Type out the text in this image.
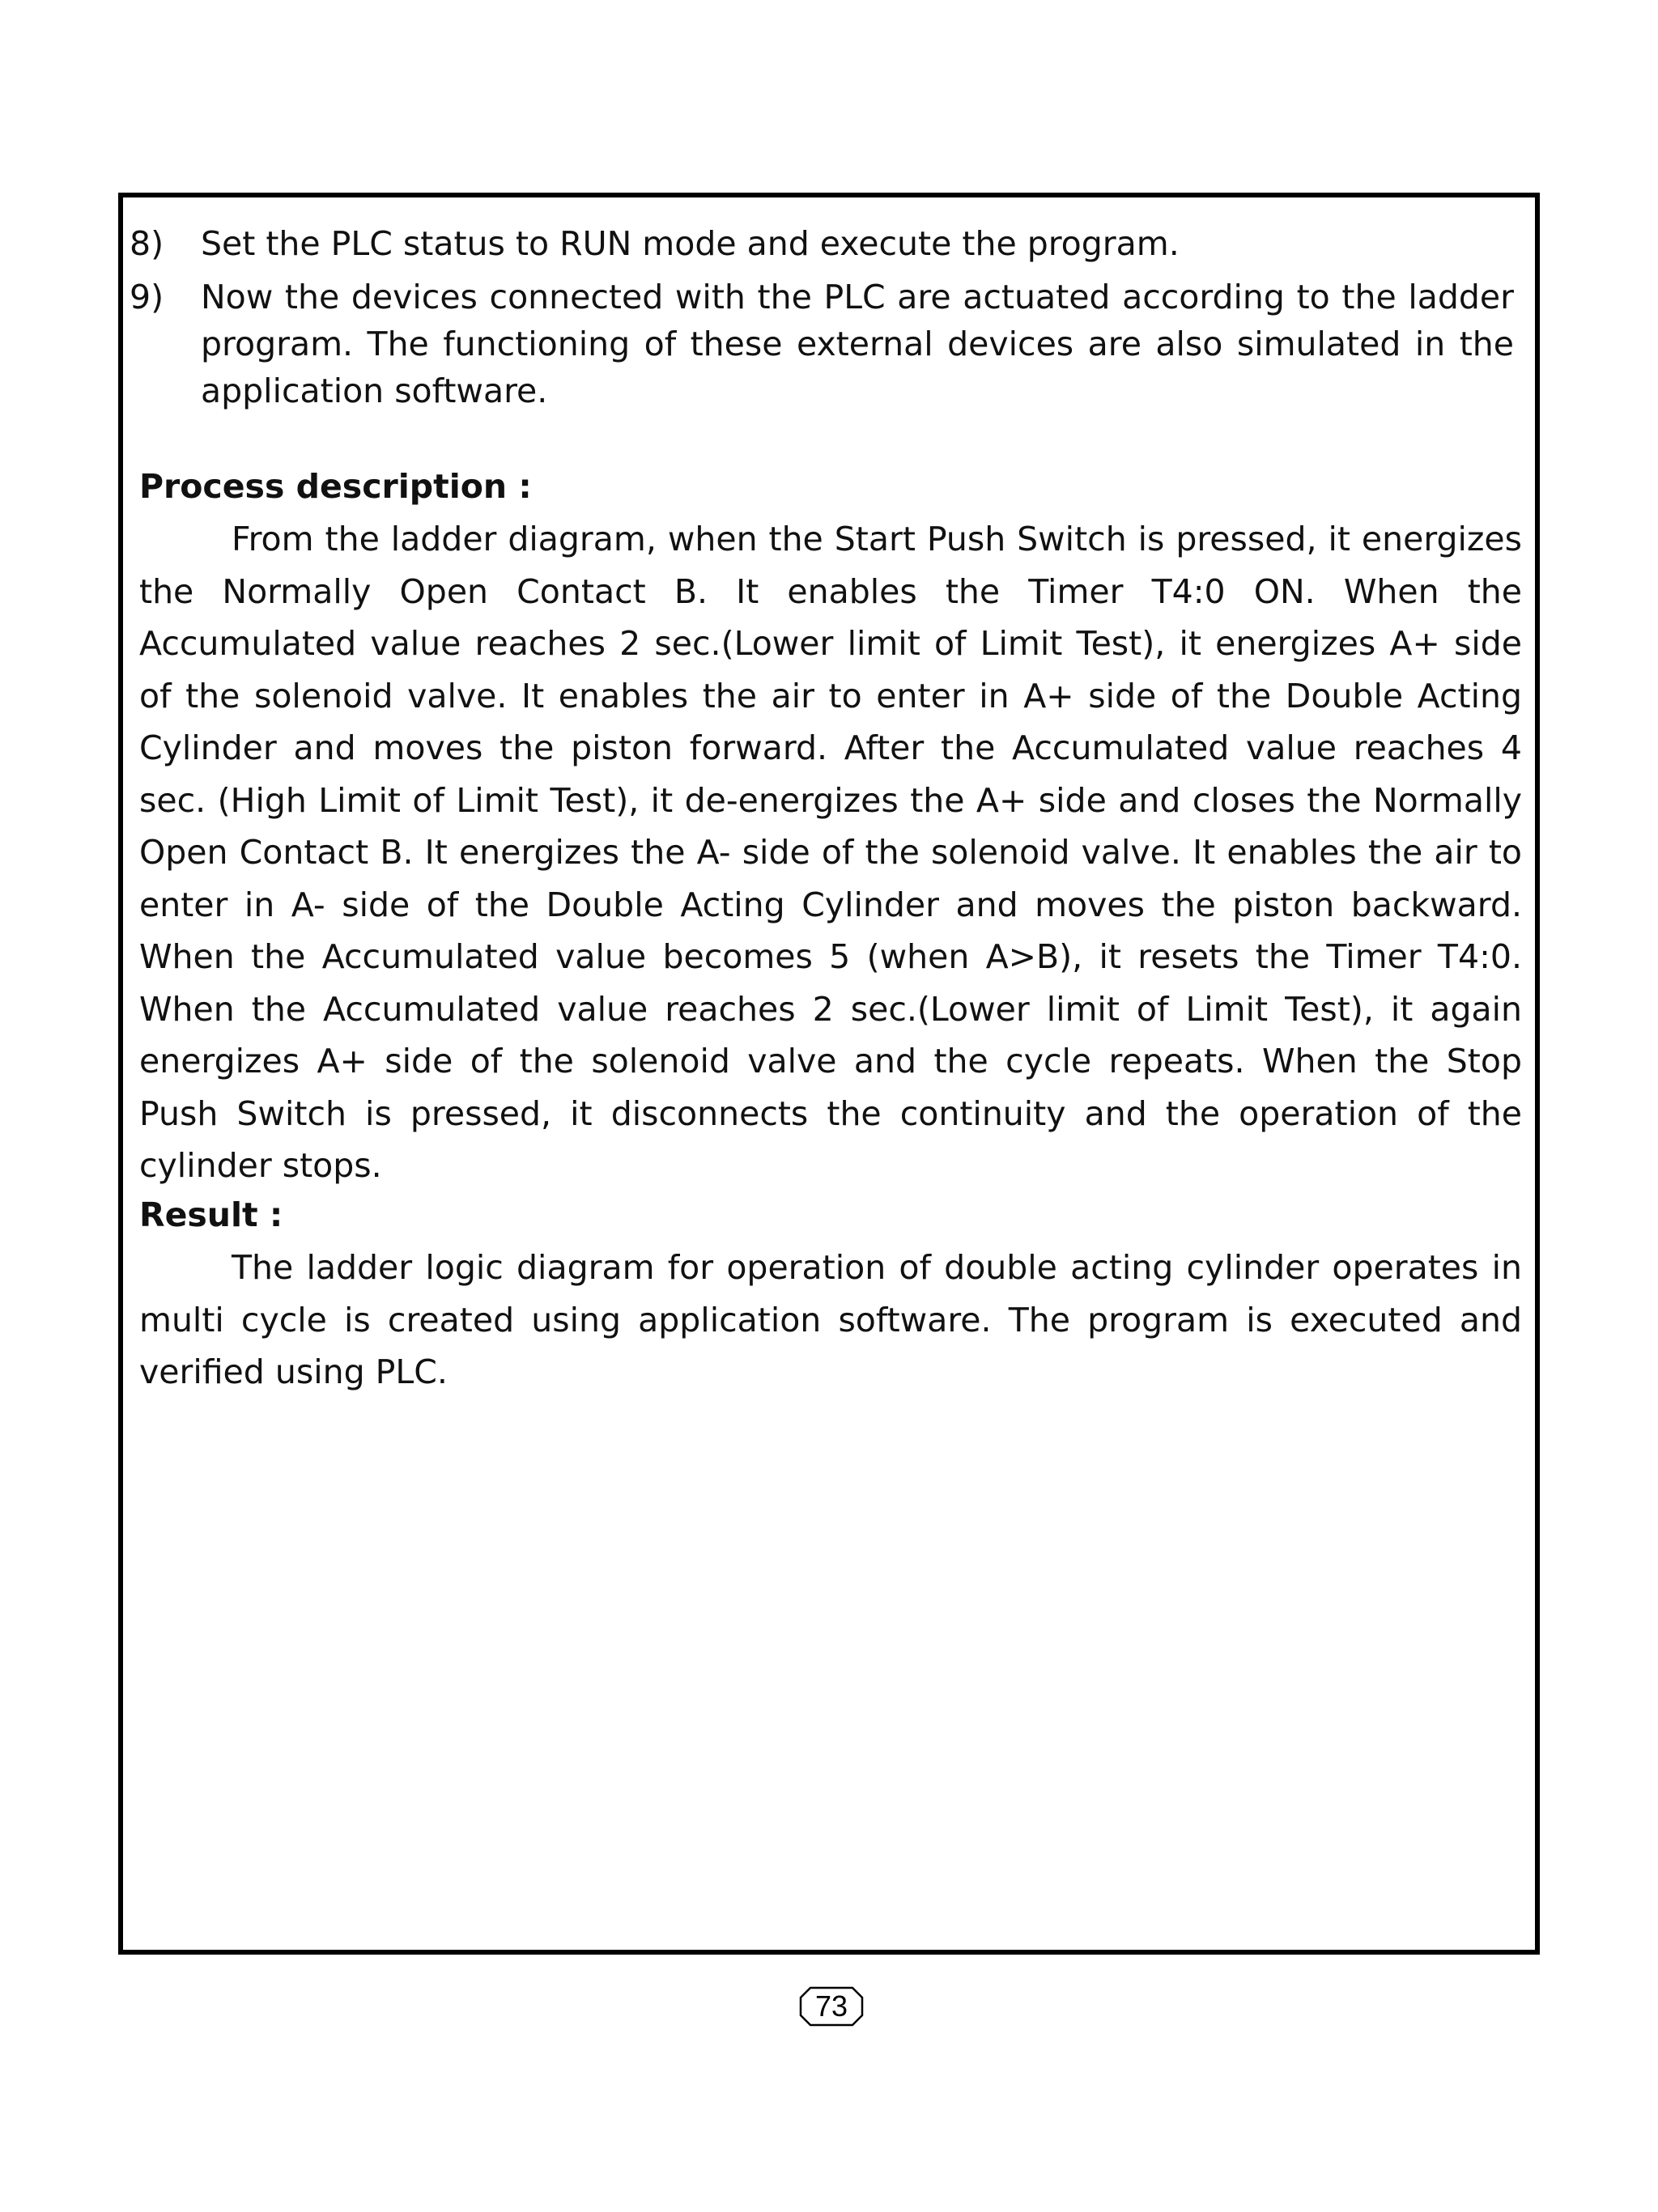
8)	Set the PLC status to RUN mode and execute the program.
9)	Now the devices connected with the PLC are actuated according to the ladder program. The functioning of these external devices are also simulated in the application software.

Process description :

From the ladder diagram, when the Start Push Switch is pressed, it energizes the Normally Open Contact B. It enables the Timer T4:0 ON. When the Accumulated value reaches 2 sec.(Lower limit of Limit Test), it energizes A+ side of the solenoid valve. It enables the air to enter in A+ side of the Double Acting Cylinder and moves the piston forward. After the Accumulated value reaches 4 sec. (High Limit of Limit Test), it de-energizes the A+ side and closes the Normally Open Contact B. It energizes the A- side of the solenoid valve. It enables the air to enter in A- side of the Double Acting Cylinder and moves the piston backward. When the Accumulated value becomes 5 (when A>B), it resets the Timer T4:0. When the Accumulated value reaches 2 sec.(Lower limit of Limit Test), it again energizes A+ side of the solenoid valve and the cycle repeats. When the Stop Push Switch is pressed, it disconnects the continuity and the operation of the cylinder stops.

Result :

The ladder logic diagram for operation of double acting cylinder operates in multi cycle is created using application software. The program is executed and verified using PLC.

73
